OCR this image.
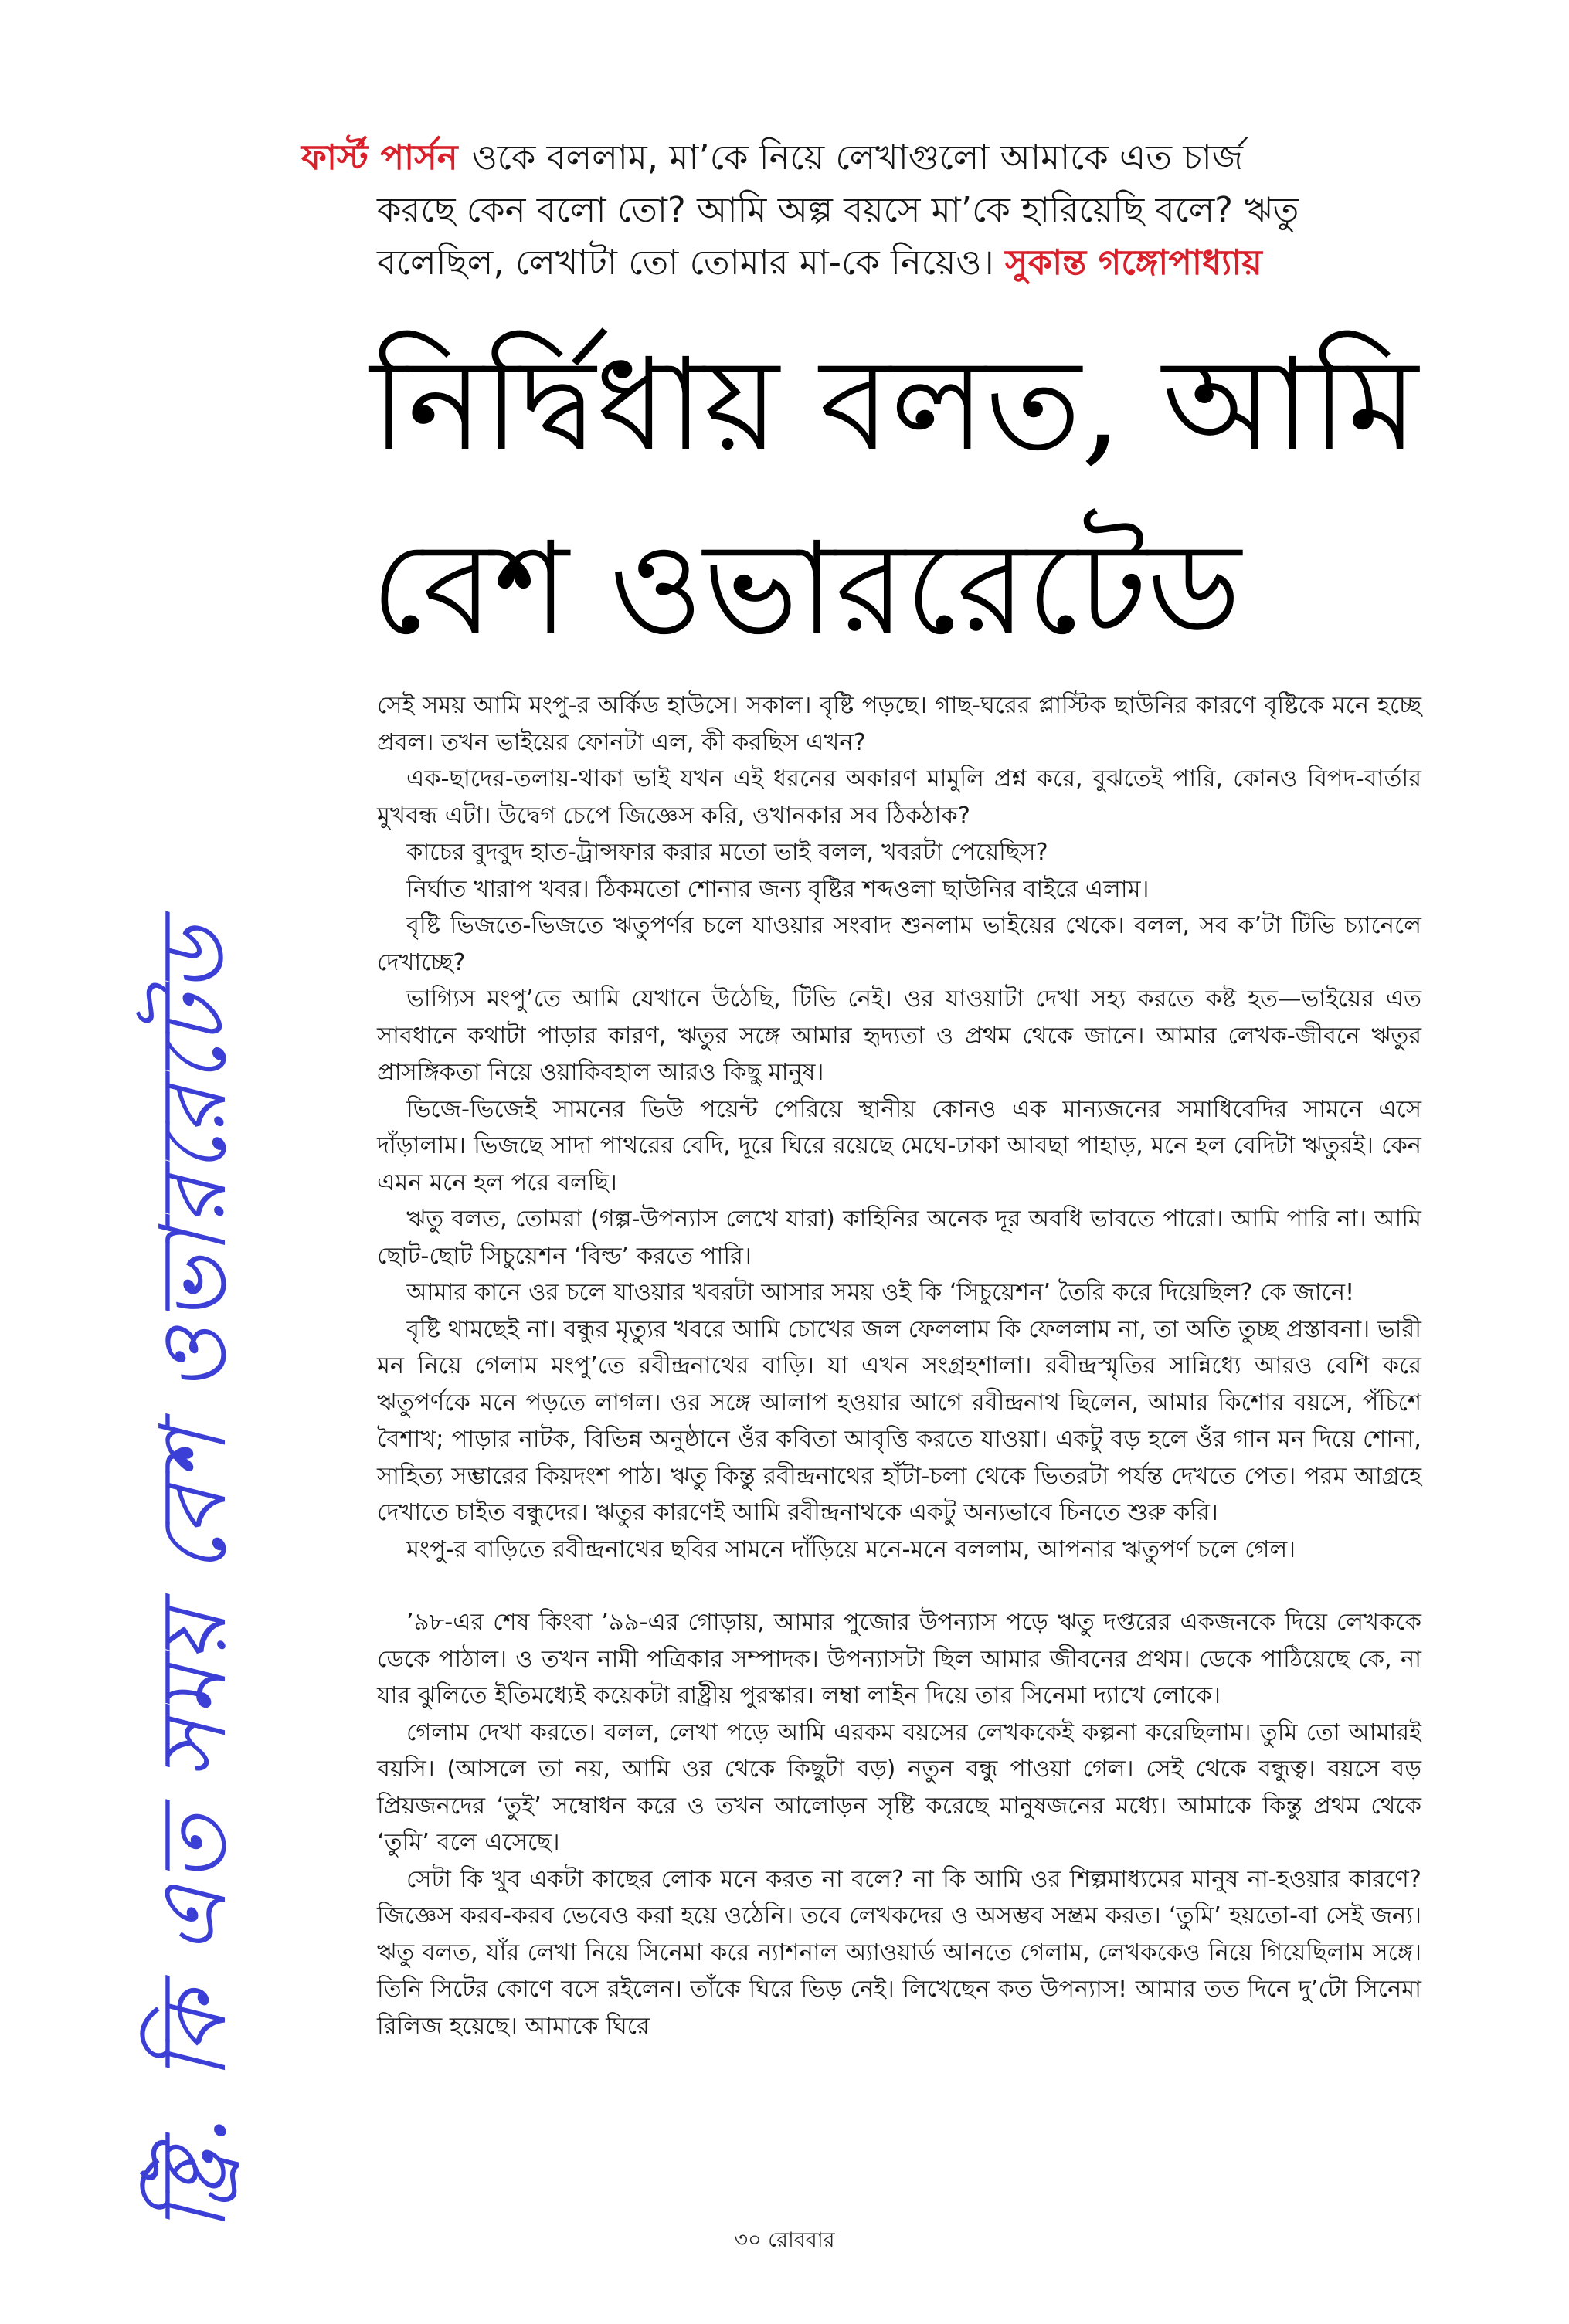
ষ্ট্রি. কি এত সময় বেশ ওভাররেটেড
ফার্স্ট পার্সন ওকে বললাম, মা’কে নিয়ে লেখাগুলো আমাকে এত চার্জ
করছে কেন বলো তো? আমি অল্প বয়সে মা’কে হারিয়েছি বলে? ঋতু
বলেছিল, লেখাটা তো তোমার মা-কে নিয়েও। সুকান্ত গঙ্গোপাধ্যায়
নির্দ্বিধায় বলত, আমি
বেশ ওভাররেটেড

সেই সময় আমি মংপু-র অর্কিড হাউসে। সকাল। বৃষ্টি পড়ছে। গাছ-ঘরের প্লাস্টিক ছাউনির কারণে বৃষ্টিকে মনে হচ্ছে প্রবল। তখন ভাইয়ের ফোনটা এল, কী করছিস এখন?

এক-ছাদের-তলায়-থাকা ভাই যখন এই ধরনের অকারণ মামুলি প্রশ্ন করে, বুঝতেই পারি, কোনও বিপদ-বার্তার মুখবন্ধ এটা। উদ্বেগ চেপে জিজ্ঞেস করি, ওখানকার সব ঠিকঠাক?

কাচের বুদবুদ হাত-ট্রান্সফার করার মতো ভাই বলল, খবরটা পেয়েছিস?

নির্ঘাত খারাপ খবর। ঠিকমতো শোনার জন্য বৃষ্টির শব্দওলা ছাউনির বাইরে এলাম।

বৃষ্টি ভিজতে-ভিজতে ঋতুপর্ণর চলে যাওয়ার সংবাদ শুনলাম ভাইয়ের থেকে। বলল, সব ক’টা টিভি চ্যানেলে দেখাচ্ছে?

ভাগ্যিস মংপু’তে আমি যেখানে উঠেছি, টিভি নেই। ওর যাওয়াটা দেখা সহ্য করতে কষ্ট হত—ভাইয়ের এত সাবধানে কথাটা পাড়ার কারণ, ঋতুর সঙ্গে আমার হৃদ্যতা ও প্রথম থেকে জানে। আমার লেখক-জীবনে ঋতুর প্রাসঙ্গিকতা নিয়ে ওয়াকিবহাল আরও কিছু মানুষ।

ভিজে-ভিজেই সামনের ভিউ পয়েন্ট পেরিয়ে স্থানীয় কোনও এক মান্যজনের সমাধিবেদির সামনে এসে দাঁড়ালাম। ভিজছে সাদা পাথরের বেদি, দূরে ঘিরে রয়েছে মেঘে-ঢাকা আবছা পাহাড়, মনে হল বেদিটা ঋতুরই। কেন এমন মনে হল পরে বলছি।

ঋতু বলত, তোমরা (গল্প-উপন্যাস লেখে যারা) কাহিনির অনেক দূর অবধি ভাবতে পারো। আমি পারি না। আমি ছোট-ছোট সিচুয়েশন ‘বিল্ড’ করতে পারি।

আমার কানে ওর চলে যাওয়ার খবরটা আসার সময় ওই কি ‘সিচুয়েশন’ তৈরি করে দিয়েছিল? কে জানে!

বৃষ্টি থামছেই না। বন্ধুর মৃত্যুর খবরে আমি চোখের জল ফেললাম কি ফেললাম না, তা অতি তুচ্ছ প্রস্তাবনা। ভারী মন নিয়ে গেলাম মংপু’তে রবীন্দ্রনাথের বাড়ি। যা এখন সংগ্রহশালা। রবীন্দ্রস্মৃতির সান্নিধ্যে আরও বেশি করে ঋতুপর্ণকে মনে পড়তে লাগল। ওর সঙ্গে আলাপ হওয়ার আগে রবীন্দ্রনাথ ছিলেন, আমার কিশোর বয়সে, পঁচিশে বৈশাখ; পাড়ার নাটক, বিভিন্ন অনুষ্ঠানে ওঁর কবিতা আবৃত্তি করতে যাওয়া। একটু বড় হলে ওঁর গান মন দিয়ে শোনা, সাহিত্য সম্ভারের কিয়দংশ পাঠ। ঋতু কিন্তু রবীন্দ্রনাথের হাঁটা-চলা থেকে ভিতরটা পর্যন্ত দেখতে পেত। পরম আগ্রহে দেখাতে চাইত বন্ধুদের। ঋতুর কারণেই আমি রবীন্দ্রনাথকে একটু অন্যভাবে চিনতে শুরু করি।

মংপু-র বাড়িতে রবীন্দ্রনাথের ছবির সামনে দাঁড়িয়ে মনে-মনে বললাম, আপনার ঋতুপর্ণ চলে গেল।

’৯৮-এর শেষ কিংবা ’৯৯-এর গোড়ায়, আমার পুজোর উপন্যাস পড়ে ঋতু দপ্তরের একজনকে দিয়ে লেখককে ডেকে পাঠাল। ও তখন নামী পত্রিকার সম্পাদক। উপন্যাসটা ছিল আমার জীবনের প্রথম। ডেকে পাঠিয়েছে কে, না যার ঝুলিতে ইতিমধ্যেই কয়েকটা রাষ্ট্রীয় পুরস্কার। লম্বা লাইন দিয়ে তার সিনেমা দ্যাখে লোকে।

গেলাম দেখা করতে। বলল, লেখা পড়ে আমি এরকম বয়সের লেখককেই কল্পনা করেছিলাম। তুমি তো আমারই বয়সি। (আসলে তা নয়, আমি ওর থেকে কিছুটা বড়) নতুন বন্ধু পাওয়া গেল। সেই থেকে বন্ধুত্ব। বয়সে বড় প্রিয়জনদের ‘তুই’ সম্বোধন করে ও তখন আলোড়ন সৃষ্টি করেছে মানুষজনের মধ্যে। আমাকে কিন্তু প্রথম থেকে ‘তুমি’ বলে এসেছে।

সেটা কি খুব একটা কাছের লোক মনে করত না বলে? না কি আমি ওর শিল্পমাধ্যমের মানুষ না-হওয়ার কারণে? জিজ্ঞেস করব-করব ভেবেও করা হয়ে ওঠেনি। তবে লেখকদের ও অসম্ভব সম্ভ্রম করত। ‘তুমি’ হয়তো-বা সেই জন্য। ঋতু বলত, যাঁর লেখা নিয়ে সিনেমা করে ন্যাশনাল অ্যাওয়ার্ড আনতে গেলাম, লেখককেও নিয়ে গিয়েছিলাম সঙ্গে। তিনি সিটের কোণে বসে রইলেন। তাঁকে ঘিরে ভিড় নেই। লিখেছেন কত উপন্যাস! আমার তত দিনে দু’টো সিনেমা রিলিজ হয়েছে। আমাকে ঘিরে

৩০ রোববার
